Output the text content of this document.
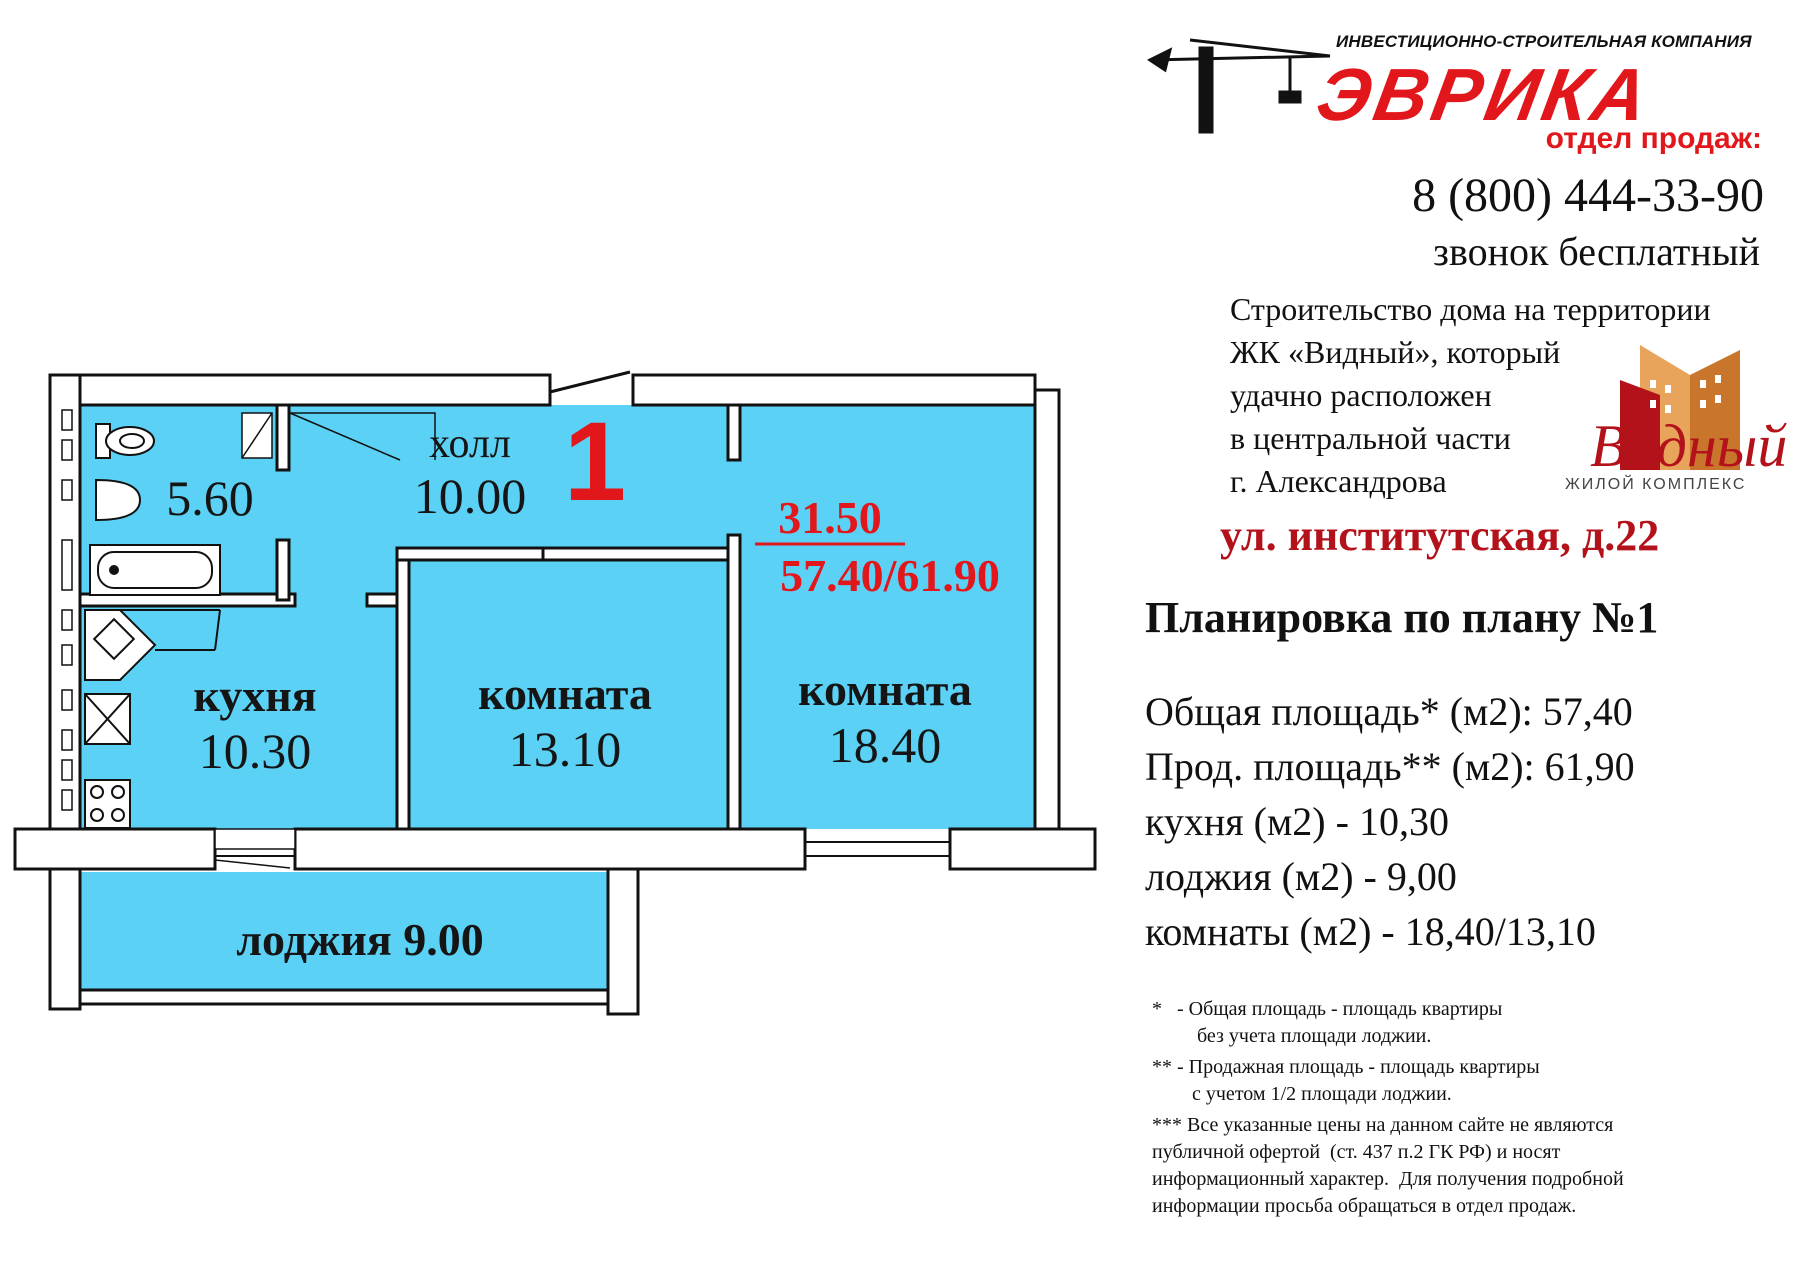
5.60
холл
10.00 1	31.50
57.40/61.90
кухня
10.30
комната
13.10
комната
18.40
лоджия 9.00
ИНВЕСТИЦИОННО-СТРОИТЕЛЬНАЯ КОМПАНИЯ
ЭВРИКА
отдел продаж:
8 (800) 444-33-90
звонок бесплатный
Строительство дома на территории
ЖК «Видный», который
удачно расположен
в центральной части
г. Александрова
Видный
ЖИЛОЙ КОМПЛЕКС
ул. институтская, д.22
Планировка по плану №1
Общая площадь* (м2): 57,40
Прод. площадь** (м2): 61,90
кухня (м2) - 10,30
лоджия (м2) - 9,00
комнаты (м2) - 18,40/13,10
*   - Общая площадь - площадь квартиры
без учета площади лоджии.
** - Продажная площадь - площадь квартиры
с учетом 1/2 площади лоджии.
*** Все указанные цены на данном сайте не являются
публичной офертой  (ст. 437 п.2 ГК РФ) и носят
информационный характер.  Для получения подробной
информации просьба обращаться в отдел продаж.
